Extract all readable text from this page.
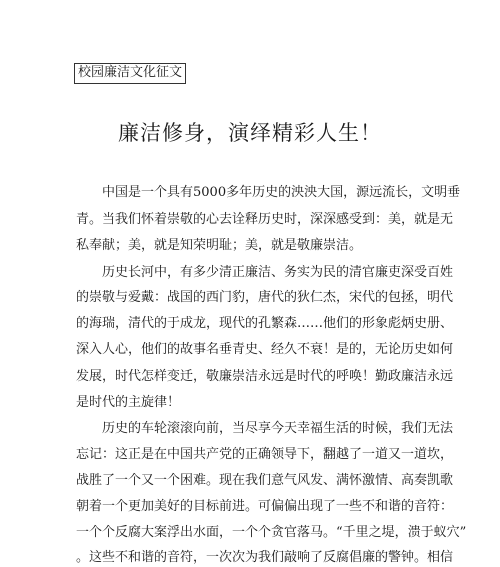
校园廉洁文化征文
廉洁修身，演绎精彩人生！
　　中国是一个具有5000多年历史的泱泱大国，源远流长，文明垂
青。当我们怀着崇敬的心去诠释历史时，深深感受到：美，就是无
私奉献；美，就是知荣明耻；美，就是敬廉崇洁。
　　历史长河中，有多少清正廉洁、务实为民的清官廉吏深受百姓
的崇敬与爱戴：战国的西门豹，唐代的狄仁杰，宋代的包拯，明代
的海瑞，清代的于成龙，现代的孔繁森……他们的形象彪炳史册、
深入人心，他们的故事名垂青史、经久不衰！是的，无论历史如何
发展，时代怎样变迁，敬廉崇洁永远是时代的呼唤！勤政廉洁永远
是时代的主旋律！
　　历史的车轮滚滚向前，当尽享今天幸福生活的时候，我们无法
忘记：这正是在中国共产党的正确领导下，翻越了一道又一道坎，
战胜了一个又一个困难。现在我们意气风发、满怀激情、高奏凯歌
朝着一个更加美好的目标前进。可偏偏出现了一些不和谐的音符：
一个个反腐大案浮出水面，一个个贪官落马。“千里之堤，溃于蚁穴”
。这些不和谐的音符，一次次为我们敲响了反腐倡廉的警钟。相信
